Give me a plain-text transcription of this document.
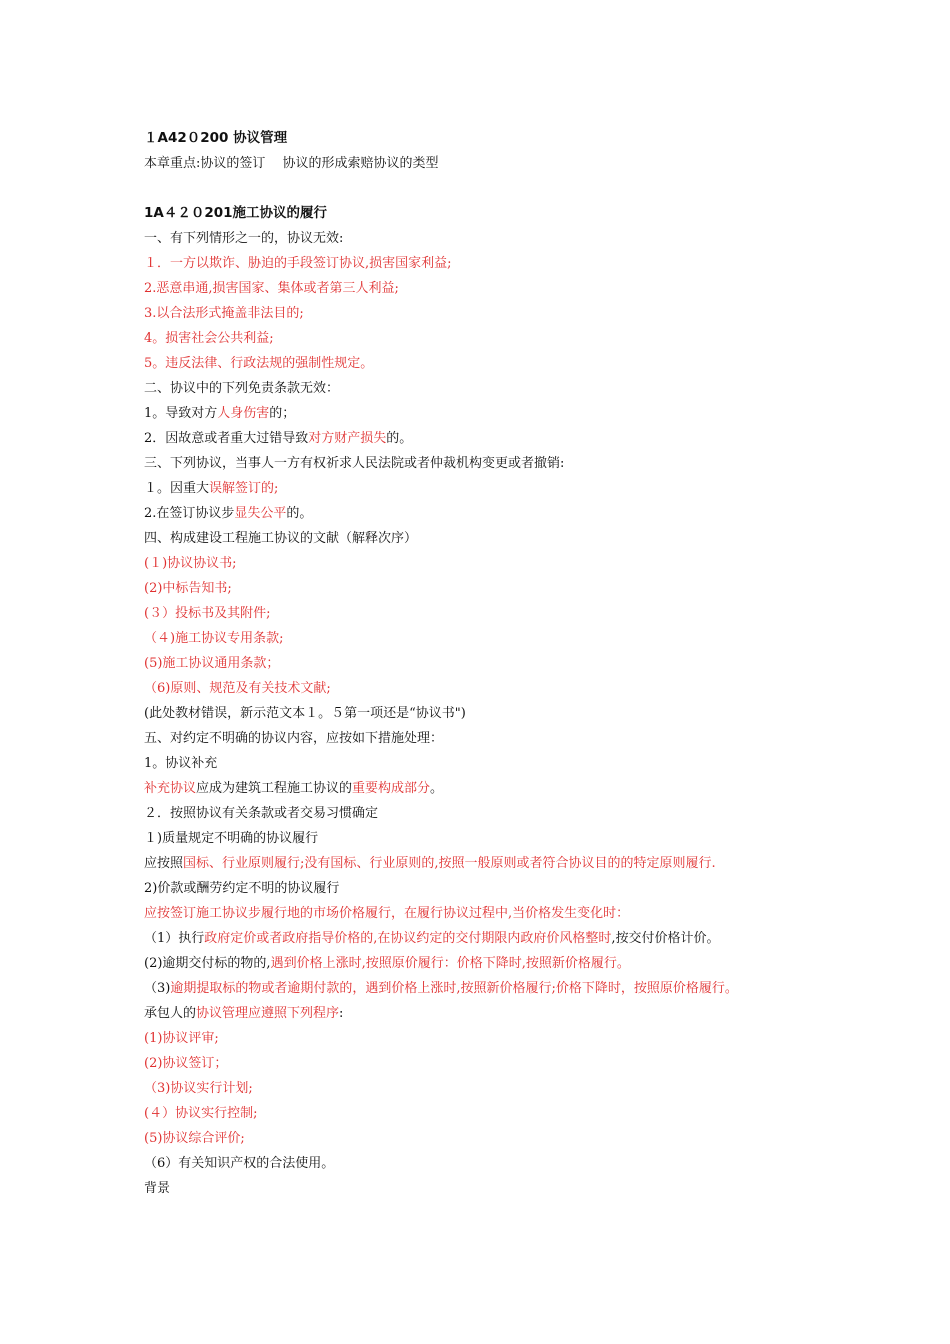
１A42０200 协议管理
本章重点:协议的签订　 协议的形成索赔协议的类型
1A４２０201施工协议的履行
一、有下列情形之一的，协议无效:
１．一方以欺诈、胁迫的手段签订协议,损害国家利益;
2.恶意串通,损害国家、集体或者第三人利益;
3.以合法形式掩盖非法目的;
4。损害社会公共利益;
5。违反法律、行政法规的强制性规定。
二、协议中的下列免责条款无效：
1。导致对方人身伤害的；
2．因故意或者重大过错导致对方财产损失的。
三、下列协议，当事人一方有权祈求人民法院或者仲裁机构变更或者撤销:
１。因重大误解签订的;
2.在签订协议步显失公平的。
四、构成建设工程施工协议的文献（解释次序）
(１)协议协议书;
(2)中标告知书;
(３）投标书及其附件;
（４)施工协议专用条款;
(5)施工协议通用条款；
（6)原则、规范及有关技术文献;
(此处教材错误，新示范文本１。５第一项还是“协议书")
五、对约定不明确的协议内容，应按如下措施处理：
1。协议补充
补充协议应成为建筑工程施工协议的重要构成部分。
２．按照协议有关条款或者交易习惯确定
１)质量规定不明确的协议履行
应按照国标、行业原则履行;没有国标、行业原则的,按照一般原则或者符合协议目的的特定原则履行.
2)价款或酬劳约定不明的协议履行
应按签订施工协议步履行地的市场价格履行，在履行协议过程中,当价格发生变化时：
（1）执行政府定价或者政府指导价格的,在协议约定的交付期限内政府价风格整时,按交付价格计价。
(2)逾期交付标的物的,遇到价格上涨时,按照原价履行：价格下降时,按照新价格履行。
（3)逾期提取标的物或者逾期付款的，遇到价格上涨时,按照新价格履行;价格下降时，按照原价格履行。
承包人的协议管理应遵照下列程序:
(1)协议评审;
(2)协议签订；
（3)协议实行计划;
(４）协议实行控制;
(5)协议综合评价;
（6）有关知识产权的合法使用。
背景
